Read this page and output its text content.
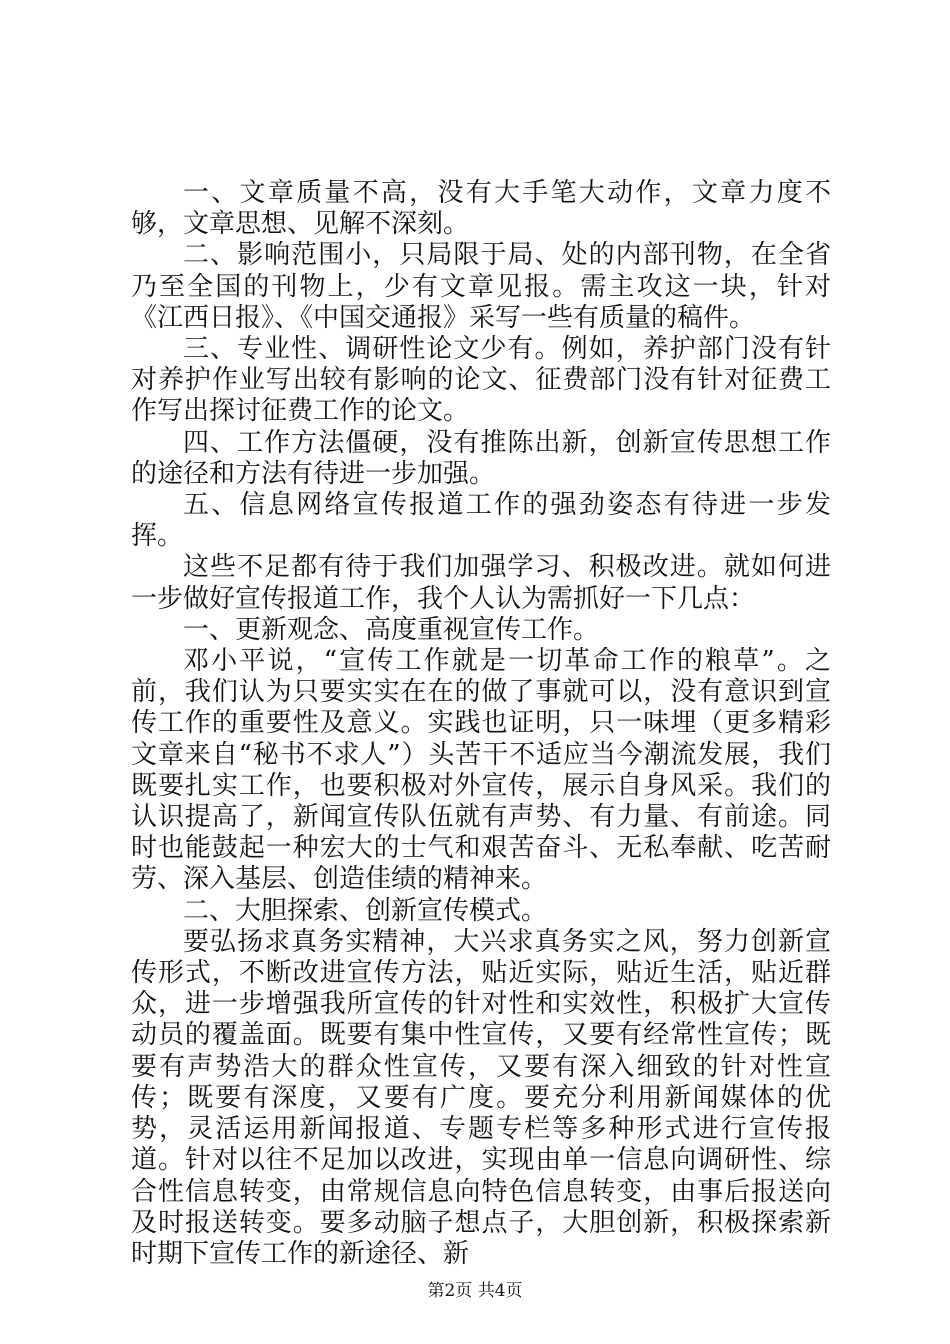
一、文章质量不高，没有大手笔大动作，文章力度不够，文章思想、见解不深刻。

二、影响范围小，只局限于局、处的内部刊物，在全省乃至全国的刊物上，少有文章见报。需主攻这一块，针对《江西日报》、《中国交通报》采写一些有质量的稿件。

三、专业性、调研性论文少有。例如，养护部门没有针对养护作业写出较有影响的论文、征费部门没有针对征费工作写出探讨征费工作的论文。

四、工作方法僵硬，没有推陈出新，创新宣传思想工作的途径和方法有待进一步加强。

五、信息网络宣传报道工作的强劲姿态有待进一步发挥。

这些不足都有待于我们加强学习、积极改进。就如何进一步做好宣传报道工作，我个人认为需抓好一下几点：

一、更新观念、高度重视宣传工作。

邓小平说，“宣传工作就是一切革命工作的粮草”。之前，我们认为只要实实在在的做了事就可以，没有意识到宣传工作的重要性及意义。实践也证明，只一味埋（更多精彩文章来自“秘书不求人”）头苦干不适应当今潮流发展，我们既要扎实工作，也要积极对外宣传，展示自身风采。我们的认识提高了，新闻宣传队伍就有声势、有力量、有前途。同时也能鼓起一种宏大的士气和艰苦奋斗、无私奉献、吃苦耐劳、深入基层、创造佳绩的精神来。

二、大胆探索、创新宣传模式。

要弘扬求真务实精神，大兴求真务实之风，努力创新宣传形式，不断改进宣传方法，贴近实际，贴近生活，贴近群众，进一步增强我所宣传的针对性和实效性，积极扩大宣传动员的覆盖面。既要有集中性宣传，又要有经常性宣传；既要有声势浩大的群众性宣传，又要有深入细致的针对性宣传；既要有深度，又要有广度。要充分利用新闻媒体的优势，灵活运用新闻报道、专题专栏等多种形式进行宣传报道。针对以往不足加以改进，实现由单一信息向调研性、综合性信息转变，由常规信息向特色信息转变，由事后报送向及时报送转变。要多动脑子想点子，大胆创新，积极探索新时期下宣传工作的新途径、新

第2页 共4页
